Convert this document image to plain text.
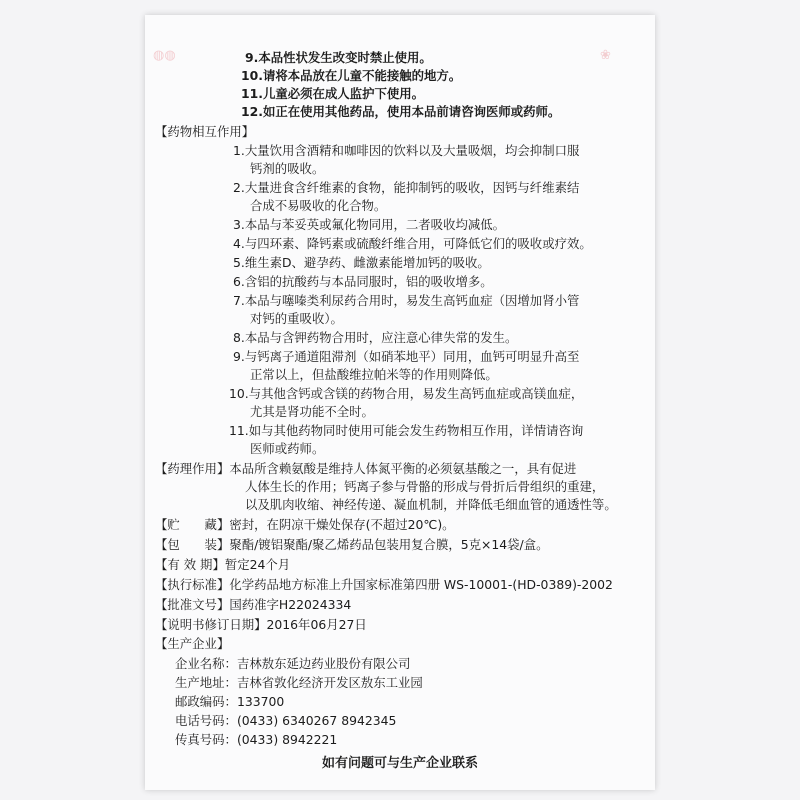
◍◍	❀
9.本品性状发生改变时禁止使用。
10.请将本品放在儿童不能接触的地方。
11.儿童必须在成人监护下使用。
12.如正在使用其他药品，使用本品前请咨询医师或药师。
【药物相互作用】
1.大量饮用含酒精和咖啡因的饮料以及大量吸烟，均会抑制口服
钙剂的吸收。
2.大量进食含纤维素的食物，能抑制钙的吸收，因钙与纤维素结
合成不易吸收的化合物。
3.本品与苯妥英或氟化物同用，二者吸收均减低。
4.与四环素、降钙素或硫酸纤维合用，可降低它们的吸收或疗效。
5.维生素D、避孕药、雌激素能增加钙的吸收。
6.含铝的抗酸药与本品同服时，铝的吸收增多。
7.本品与噻嗪类利尿药合用时，易发生高钙血症（因增加肾小管
对钙的重吸收）。
8.本品与含钾药物合用时，应注意心律失常的发生。
9.与钙离子通道阻滞剂（如硝苯地平）同用，血钙可明显升高至
正常以上，但盐酸维拉帕米等的作用则降低。
10.与其他含钙或含镁的药物合用，易发生高钙血症或高镁血症，
尤其是肾功能不全时。
11.如与其他药物同时使用可能会发生药物相互作用，详情请咨询
医师或药师。
【药理作用】本品所含赖氨酸是维持人体氮平衡的必须氨基酸之一，具有促进
人体生长的作用；钙离子参与骨骼的形成与骨折后骨组织的重建，
以及肌肉收缩、神经传递、凝血机制，并降低毛细血管的通透性等。
【贮　　藏】密封，在阴凉干燥处保存(不超过20℃)。
【包　　装】聚酯/镀铝聚酯/聚乙烯药品包装用复合膜，5克×14袋/盒。
【有 效 期】暂定24个月
【执行标准】化学药品地方标准上升国家标准第四册 WS-10001-(HD-0389)-2002
【批准文号】国药准字H22024334
【说明书修订日期】2016年06月27日
【生产企业】
企业名称：吉林敖东延边药业股份有限公司
生产地址：吉林省敦化经济开发区敖东工业园
邮政编码：133700
电话号码：(0433) 6340267 8942345
传真号码：(0433) 8942221
如有问题可与生产企业联系
